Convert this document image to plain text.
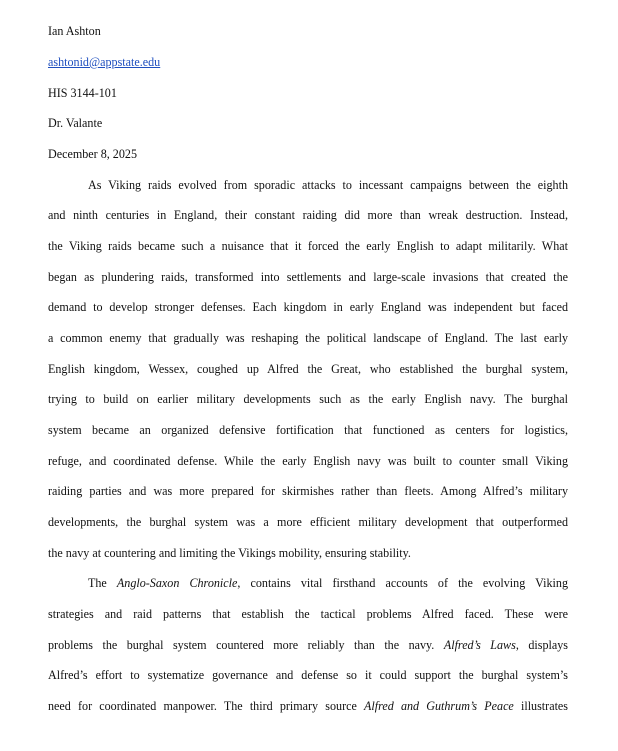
Ian Ashton
ashtonid@appstate.edu
HIS 3144-101
Dr. Valante
December 8, 2025
As Viking raids evolved from sporadic attacks to incessant campaigns between the eighth
and ninth centuries in England, their constant raiding did more than wreak destruction. Instead,
the Viking raids became such a nuisance that it forced the early English to adapt militarily. What
began as plundering raids, transformed into settlements and large-scale invasions that created the
demand to develop stronger defenses. Each kingdom in early England was independent but faced
a common enemy that gradually was reshaping the political landscape of England. The last early
English kingdom, Wessex, coughed up Alfred the Great, who established the burghal system,
trying to build on earlier military developments such as the early English navy. The burghal
system became an organized defensive fortification that functioned as centers for logistics,
refuge, and coordinated defense. While the early English navy was built to counter small Viking
raiding parties and was more prepared for skirmishes rather than fleets. Among Alfred’s military
developments, the burghal system was a more efficient military development that outperformed
the navy at countering and limiting the Vikings mobility, ensuring stability.
The Anglo-Saxon Chronicle, contains vital firsthand accounts of the evolving Viking
strategies and raid patterns that establish the tactical problems Alfred faced. These were
problems the burghal system countered more reliably than the navy. Alfred’s Laws, displays
Alfred’s effort to systematize governance and defense so it could support the burghal system’s
need for coordinated manpower. The third primary source Alfred and Guthrum’s Peace illustrates
